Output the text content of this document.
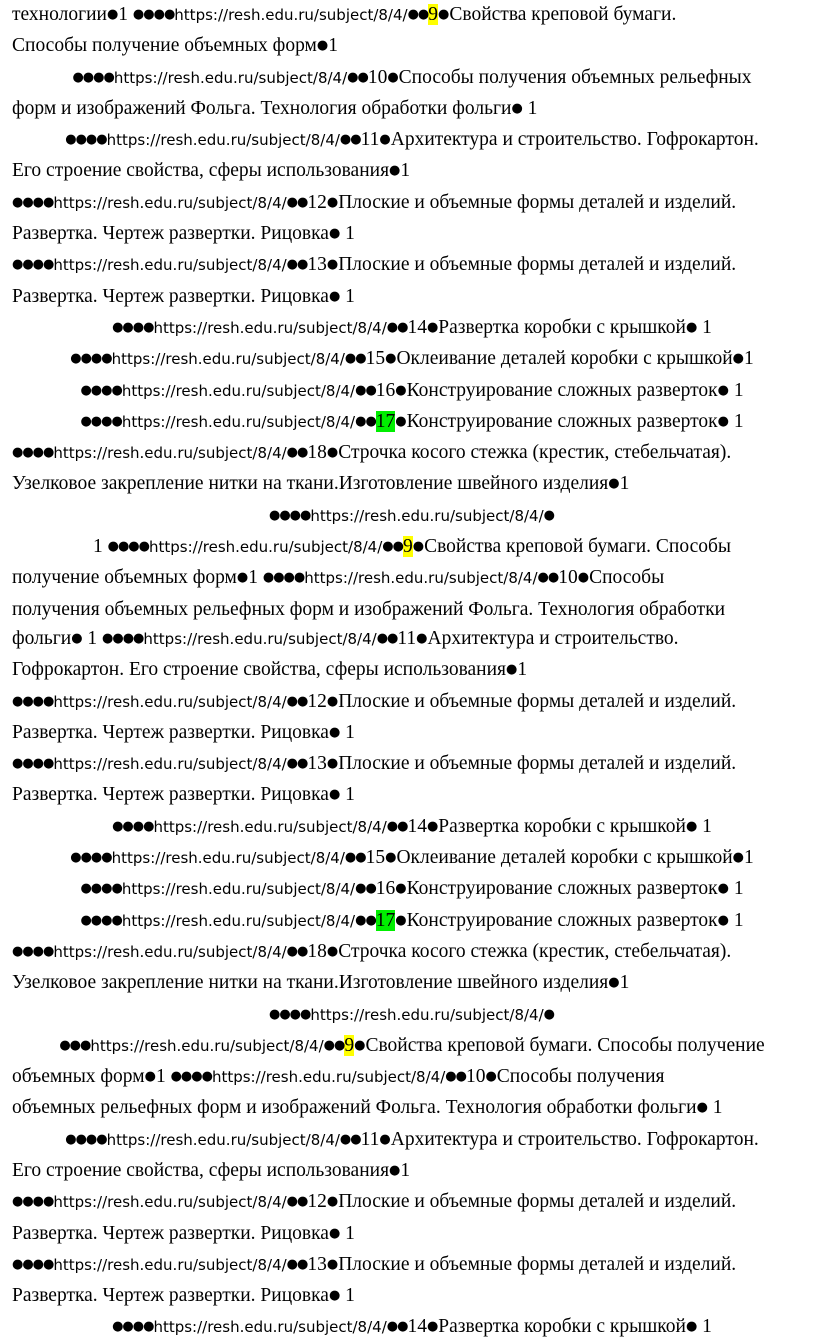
технологии●1 ●●●●https://resh.edu.ru/subject/8/4/●●9●Свойства креповой бумаги.
Способы получение объемных форм●1
●●●●https://resh.edu.ru/subject/8/4/●●10●Способы получения объемных рельефных
форм и изображений Фольга. Технология обработки фольги● 1
●●●●https://resh.edu.ru/subject/8/4/●●11●Архитектура и строительство. Гофрокартон.
Его строение свойства, сферы использования●1
●●●●https://resh.edu.ru/subject/8/4/●●12●Плоские и объемные формы деталей и изделий.
Развертка. Чертеж развертки. Рицовка● 1
●●●●https://resh.edu.ru/subject/8/4/●●13●Плоские и объемные формы деталей и изделий.
Развертка. Чертеж развертки. Рицовка● 1
●●●●https://resh.edu.ru/subject/8/4/●●14●Развертка коробки с крышкой● 1
●●●●https://resh.edu.ru/subject/8/4/●●15●Оклеивание деталей коробки с крышкой●1
●●●●https://resh.edu.ru/subject/8/4/●●16●Конструирование сложных разверток● 1
●●●●https://resh.edu.ru/subject/8/4/●●17●Конструирование сложных разверток● 1
●●●●https://resh.edu.ru/subject/8/4/●●18●Строчка косого стежка (крестик, стебельчатая).
Узелковое закрепление нитки на ткани.Изготовление швейного изделия●1
●●●●https://resh.edu.ru/subject/8/4/●
1 ●●●●https://resh.edu.ru/subject/8/4/●●9●Свойства креповой бумаги. Способы
получение объемных форм●1 ●●●●https://resh.edu.ru/subject/8/4/●●10●Способы
получения объемных рельефных форм и изображений Фольга. Технология обработки
фольги● 1 ●●●●https://resh.edu.ru/subject/8/4/●●11●Архитектура и строительство.
Гофрокартон. Его строение свойства, сферы использования●1
●●●●https://resh.edu.ru/subject/8/4/●●12●Плоские и объемные формы деталей и изделий.
Развертка. Чертеж развертки. Рицовка● 1
●●●●https://resh.edu.ru/subject/8/4/●●13●Плоские и объемные формы деталей и изделий.
Развертка. Чертеж развертки. Рицовка● 1
●●●●https://resh.edu.ru/subject/8/4/●●14●Развертка коробки с крышкой● 1
●●●●https://resh.edu.ru/subject/8/4/●●15●Оклеивание деталей коробки с крышкой●1
●●●●https://resh.edu.ru/subject/8/4/●●16●Конструирование сложных разверток● 1
●●●●https://resh.edu.ru/subject/8/4/●●17●Конструирование сложных разверток● 1
●●●●https://resh.edu.ru/subject/8/4/●●18●Строчка косого стежка (крестик, стебельчатая).
Узелковое закрепление нитки на ткани.Изготовление швейного изделия●1
●●●●https://resh.edu.ru/subject/8/4/●
●●●https://resh.edu.ru/subject/8/4/●●9●Свойства креповой бумаги. Способы получение
объемных форм●1 ●●●●https://resh.edu.ru/subject/8/4/●●10●Способы получения
объемных рельефных форм и изображений Фольга. Технология обработки фольги● 1
●●●●https://resh.edu.ru/subject/8/4/●●11●Архитектура и строительство. Гофрокартон.
Его строение свойства, сферы использования●1
●●●●https://resh.edu.ru/subject/8/4/●●12●Плоские и объемные формы деталей и изделий.
Развертка. Чертеж развертки. Рицовка● 1
●●●●https://resh.edu.ru/subject/8/4/●●13●Плоские и объемные формы деталей и изделий.
Развертка. Чертеж развертки. Рицовка● 1
●●●●https://resh.edu.ru/subject/8/4/●●14●Развертка коробки с крышкой● 1
